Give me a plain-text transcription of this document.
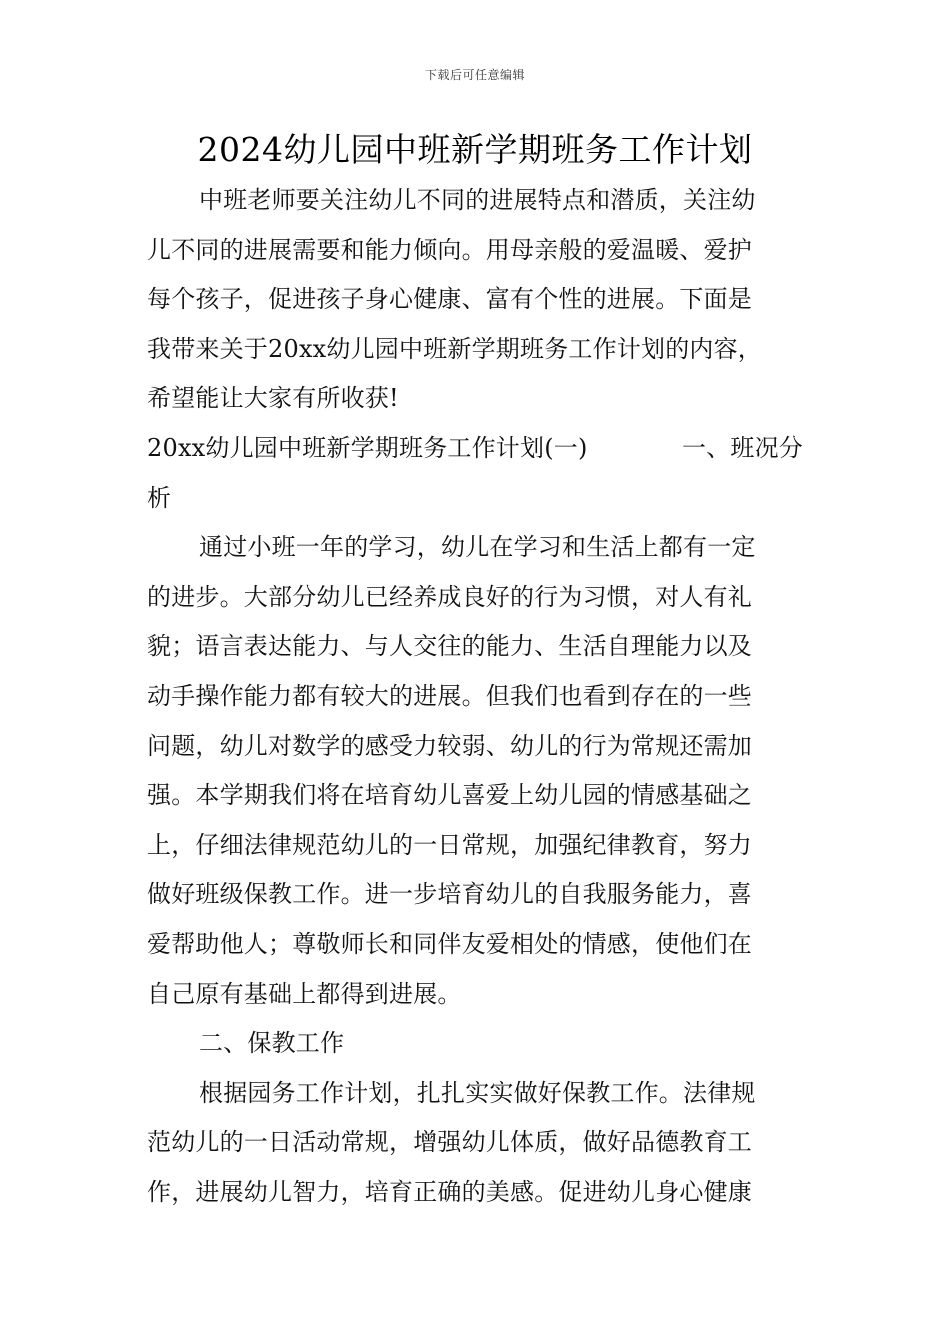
下载后可任意编辑
2024幼儿园中班新学期班务工作计划
中班老师要关注幼儿不同的进展特点和潜质，关注幼
儿不同的进展需要和能力倾向。用母亲般的爱温暖、爱护
每个孩子，促进孩子身心健康、富有个性的进展。下面是
我带来关于20xx幼儿园中班新学期班务工作计划的内容，
希望能让大家有所收获!
20xx幼儿园中班新学期班务工作计划(一)	一、班况分
析
通过小班一年的学习，幼儿在学习和生活上都有一定
的进步。大部分幼儿已经养成良好的行为习惯，对人有礼
貌；语言表达能力、与人交往的能力、生活自理能力以及
动手操作能力都有较大的进展。但我们也看到存在的一些
问题，幼儿对数学的感受力较弱、幼儿的行为常规还需加
强。本学期我们将在培育幼儿喜爱上幼儿园的情感基础之
上，仔细法律规范幼儿的一日常规，加强纪律教育，努力
做好班级保教工作。进一步培育幼儿的自我服务能力，喜
爱帮助他人；尊敬师长和同伴友爱相处的情感，使他们在
自己原有基础上都得到进展。
二、保教工作
根据园务工作计划，扎扎实实做好保教工作。法律规
范幼儿的一日活动常规，增强幼儿体质，做好品德教育工
作，进展幼儿智力，培育正确的美感。促进幼儿身心健康
